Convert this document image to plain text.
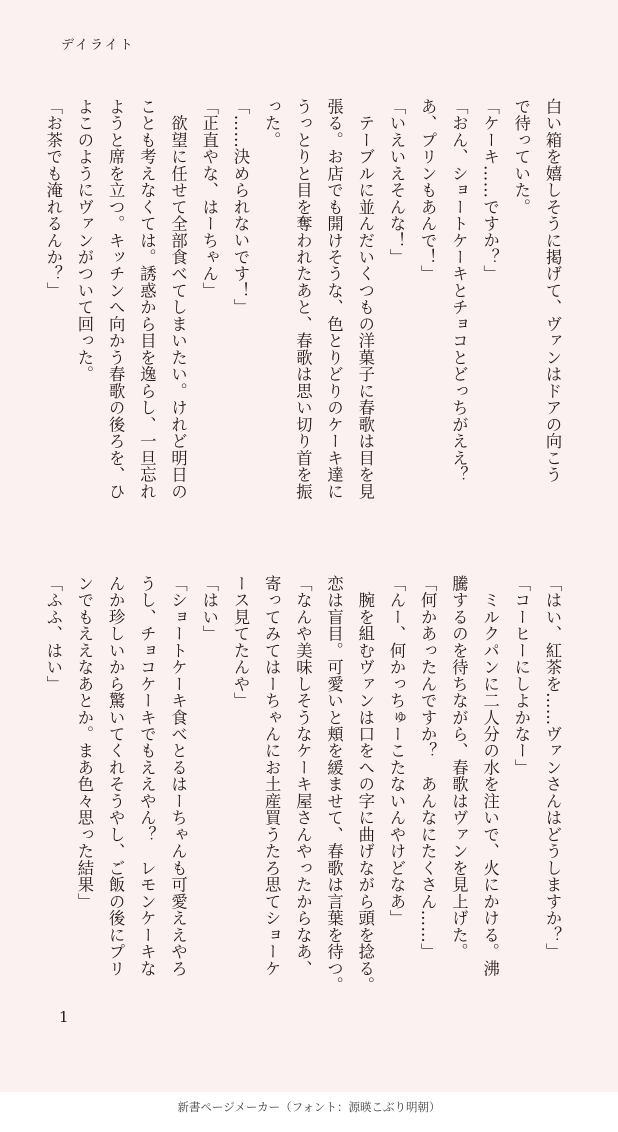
デイライト
白い箱を嬉しそうに掲げて、ヴァンはドアの向こう
で待っていた。
「ケーキ……ですか？」
「おん、ショートケーキとチョコとどっちがええ？
あ、プリンもあんで！」
「いえいえそんな！」
　テーブルに並んだいくつもの洋菓子に春歌は目を見
張る。お店でも開けそうな、色とりどりのケーキ達に
うっとりと目を奪われたあと、春歌は思い切り首を振
った。
「……決められないです！」
「正直やな、はーちゃん」
　欲望に任せて全部食べてしまいたい。けれど明日の
ことも考えなくては。誘惑から目を逸らし、一旦忘れ
ようと席を立つ。キッチンへ向かう春歌の後ろを、ひ
よこのようにヴァンがついて回った。
「お茶でも淹れるんか？」
「はい、紅茶を……ヴァンさんはどうしますか？」
「コーヒーにしよかなー」
　ミルクパンに二人分の水を注いで、火にかける。沸
騰するのを待ちながら、春歌はヴァンを見上げた。
「何かあったんですか？　あんなにたくさん……」
「んー、何かっちゅーこたないんやけどなあ」
　腕を組むヴァンは口をへの字に曲げながら頭を捻る。
恋は盲目。可愛いと頬を緩ませて、春歌は言葉を待つ。
「なんや美味しそうなケーキ屋さんやったからなあ、
寄ってみてはーちゃんにお土産買うたろ思てショーケ
ース見てたんや」
「はい」
「ショートケーキ食べとるはーちゃんも可愛ええやろ
うし、チョコケーキでもええやん？　レモンケーキな
んか珍しいから驚いてくれそうやし、ご飯の後にプリ
ンでもええなあとか。まあ色々思った結果」
「ふふ、はい」
1
新書ページメーカー（フォント：源暎こぶり明朝）
